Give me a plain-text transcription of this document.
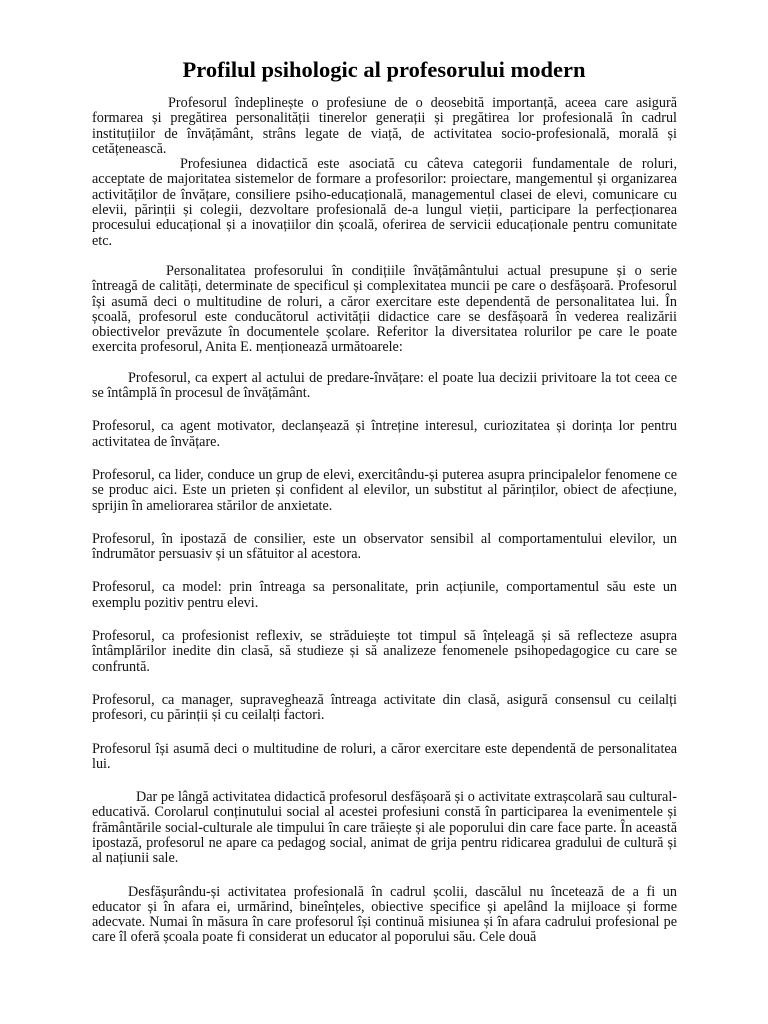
Profilul psihologic al profesorului modern

Profesorul îndeplinește o profesiune de o deosebită importanță, aceea care asigură formarea și pregătirea personalității tinerelor generații și pregătirea lor profesională în cadrul instituțiilor de învățământ, strâns legate de viață, de activitatea socio-profesională, morală și cetățenească.

Profesiunea didactică este asociată cu câteva categorii fundamentale de roluri, acceptate de majoritatea sistemelor de formare a profesorilor: proiectare, mangementul și organizarea activităților de învățare, consiliere psiho-educațională, managementul clasei de elevi, comunicare cu elevii, părinții și colegii, dezvoltare profesională de-a lungul vieții, participare la perfecționarea procesului educațional și a inovațiilor din școală, oferirea de servicii educaționale pentru comunitate etc.

Personalitatea profesorului în condițiile învățământului actual presupune și o serie întreagă de calități, determinate de specificul și complexitatea muncii pe care o desfășoară. Profesorul își asumă deci o multitudine de roluri, a căror exercitare este dependentă de personalitatea lui. În școală, profesorul este conducătorul activității didactice care se desfășoară în vederea realizării obiectivelor prevăzute în documentele școlare. Referitor la diversitatea rolurilor pe care le poate exercita profesorul, Anita E. menționează următoarele:

Profesorul, ca expert al actului de predare-învățare: el poate lua decizii privitoare la tot ceea ce se întâmplă în procesul de învățământ.

Profesorul, ca agent motivator, declanșează și întreține interesul, curiozitatea și dorința lor pentru activitatea de învățare.

Profesorul, ca lider, conduce un grup de elevi, exercitându-și puterea asupra principalelor fenomene ce se produc aici. Este un prieten și confident al elevilor, un substitut al părinților, obiect de afecțiune, sprijin în ameliorarea stărilor de anxietate.

Profesorul, în ipostază de consilier, este un observator sensibil al comportamentului elevilor, un îndrumător persuasiv și un sfătuitor al acestora.

Profesorul, ca model: prin întreaga sa personalitate, prin acțiunile, comportamentul său este un exemplu pozitiv pentru elevi.

Profesorul, ca profesionist reflexiv, se străduiește tot timpul să înțeleagă și să reflecteze asupra întâmplărilor inedite din clasă, să studieze și să analizeze fenomenele psihopedagogice cu care se confruntă.

Profesorul, ca manager, supraveghează întreaga activitate din clasă, asigură consensul cu ceilalți profesori, cu părinții și cu ceilalți factori.

Profesorul își asumă deci o multitudine de roluri, a căror exercitare este dependentă de personalitatea lui.

Dar pe lângă activitatea didactică profesorul desfășoară și o activitate extrașcolară sau cultural-educativă. Corolarul conținutului social al acestei profesiuni constă în participarea la evenimentele și frământările social-culturale ale timpului în care trăiește și ale poporului din care face parte. În această ipostază, profesorul ne apare ca pedagog social, animat de grija pentru ridicarea gradului de cultură și al națiunii sale.

Desfășurându-și activitatea profesională în cadrul școlii, dascălul nu încetează de a fi un educator și în afara ei, urmărind, bineînțeles, obiective specifice și apelând la mijloace și forme adecvate. Numai în măsura în care profesorul își continuă misiunea și în afara cadrului profesional pe care îl oferă școala poate fi considerat un educator al poporului său. Cele două
